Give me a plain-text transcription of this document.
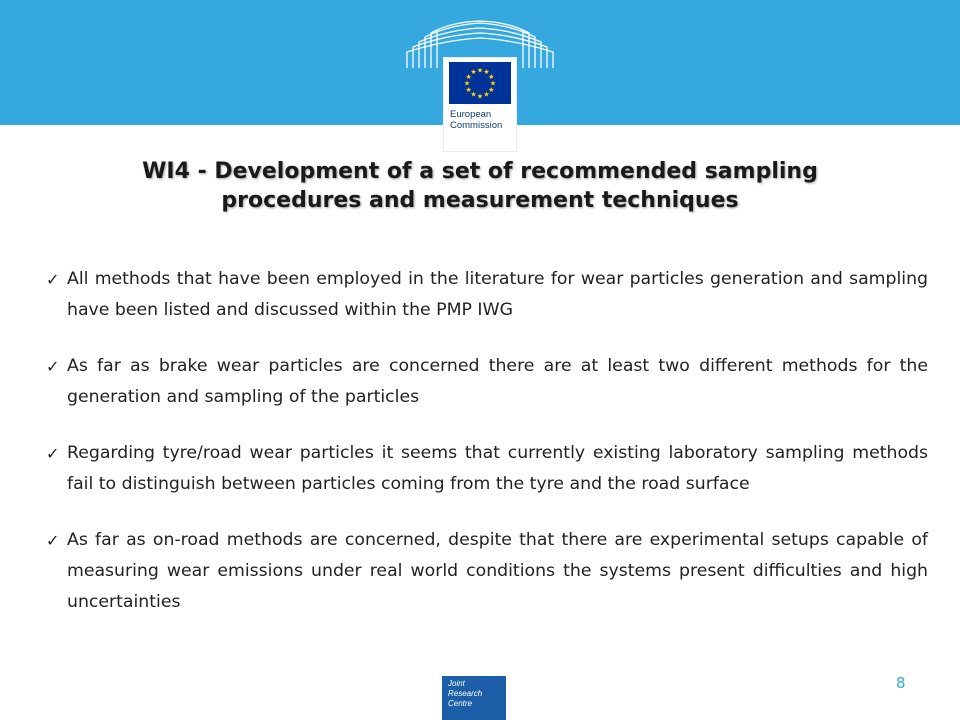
★ ★
★
★
★
★
★
★
★
★
★
★
European
Commission
WI4 - Development of a set of recommended sampling
procedures and measurement techniques
✓ All methods that have been employed in the literature for wear particles generation and sampling have been listed and discussed within the PMP IWG
✓ As far as brake wear particles are concerned there are at least two different methods for the generation and sampling of the particles
✓ Regarding tyre/road wear particles it seems that currently existing laboratory sampling methods fail to distinguish between particles coming from the tyre and the road surface
✓ As far as on-road methods are concerned, despite that there are experimental setups capable of measuring wear emissions under real world conditions the systems present difficulties and high uncertainties
Joint
Research
Centre
8
